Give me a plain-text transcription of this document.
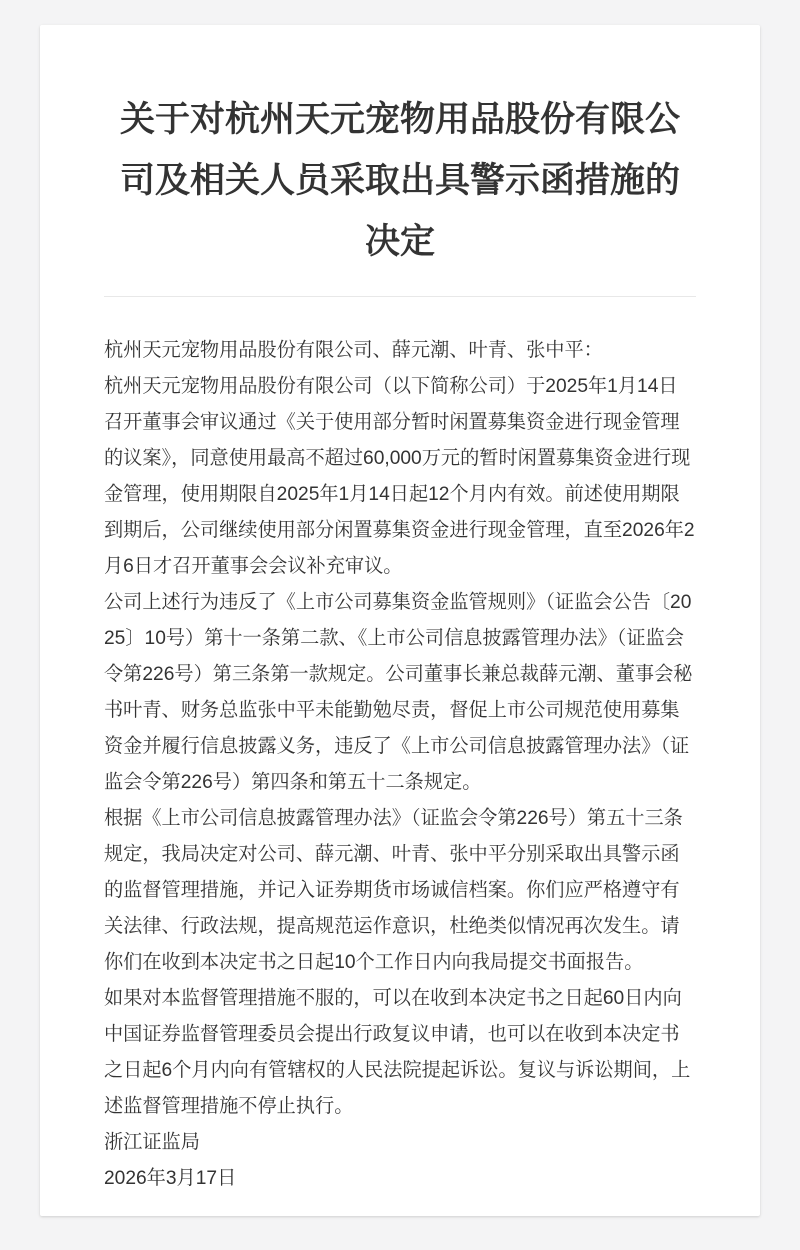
关于对杭州天元宠物用品股份有限公司及相关人员采取出具警示函措施的决定

杭州天元宠物用品股份有限公司、薛元潮、叶青、张中平：

杭州天元宠物用品股份有限公司（以下简称公司）于2025年1月14日召开董事会审议通过《关于使用部分暂时闲置募集资金进行现金管理的议案》，同意使用最高不超过60,000万元的暂时闲置募集资金进行现金管理，使用期限自2025年1月14日起12个月内有效。前述使用期限到期后，公司继续使用部分闲置募集资金进行现金管理，直至2026年2月6日才召开董事会会议补充审议。

公司上述行为违反了《上市公司募集资金监管规则》（证监会公告〔2025〕10号）第十一条第二款、《上市公司信息披露管理办法》（证监会令第226号）第三条第一款规定。公司董事长兼总裁薛元潮、董事会秘书叶青、财务总监张中平未能勤勉尽责，督促上市公司规范使用募集资金并履行信息披露义务，违反了《上市公司信息披露管理办法》（证监会令第226号）第四条和第五十二条规定。

根据《上市公司信息披露管理办法》（证监会令第226号）第五十三条规定，我局决定对公司、薛元潮、叶青、张中平分别采取出具警示函的监督管理措施，并记入证券期货市场诚信档案。你们应严格遵守有关法律、行政法规，提高规范运作意识，杜绝类似情况再次发生。请你们在收到本决定书之日起10个工作日内向我局提交书面报告。

如果对本监督管理措施不服的，可以在收到本决定书之日起60日内向中国证券监督管理委员会提出行政复议申请，也可以在收到本决定书之日起6个月内向有管辖权的人民法院提起诉讼。复议与诉讼期间，上述监督管理措施不停止执行。

浙江证监局

2026年3月17日
